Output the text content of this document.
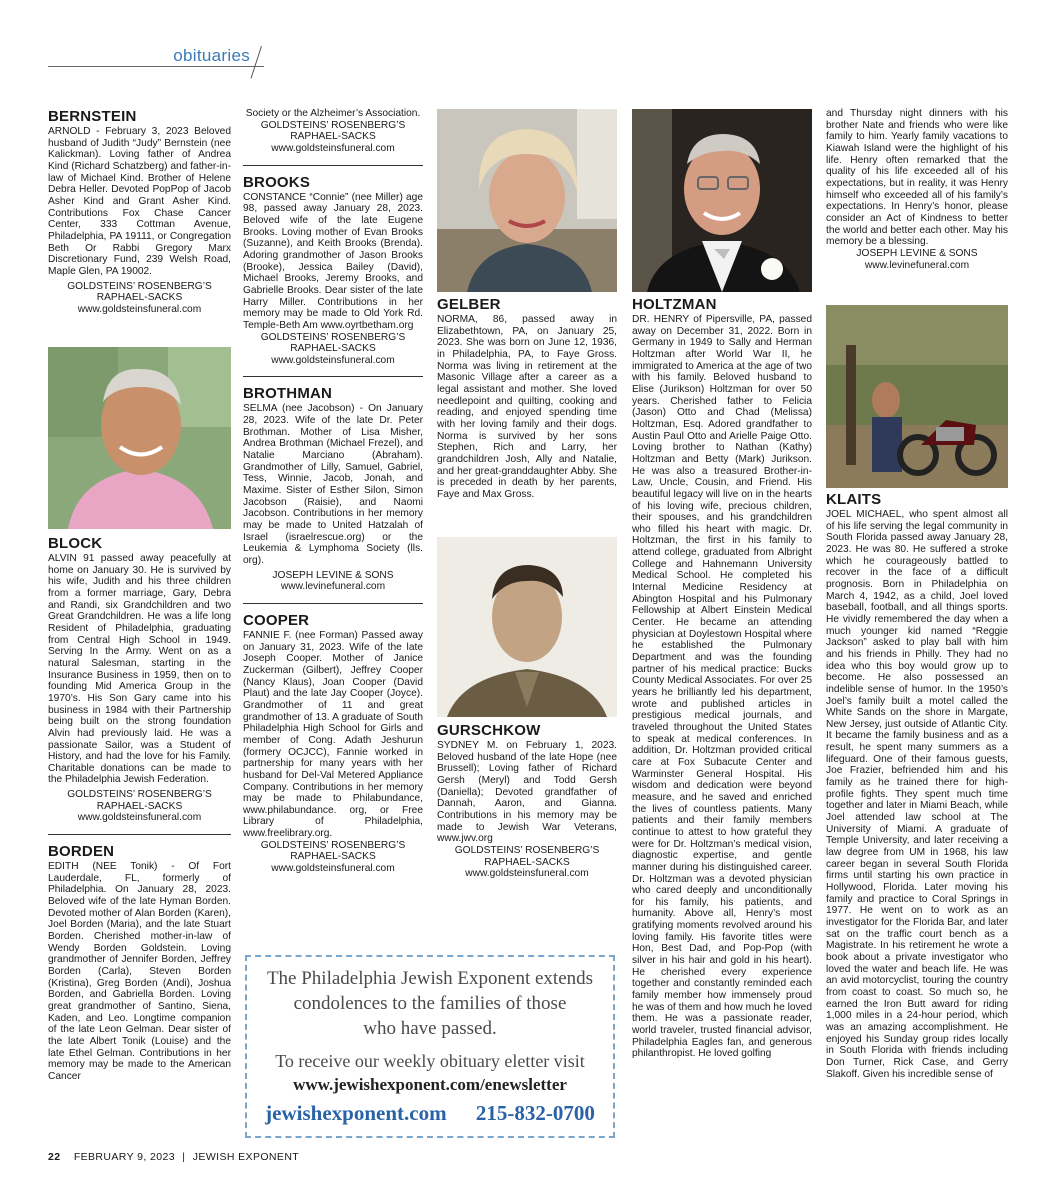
obituaries
BERNSTEIN

ARNOLD - February 3, 2023 Beloved husband of Judith “Judy” Bernstein (nee Kalickman). Loving father of Andrea Kind (Richard Schatzberg) and father-in-law of Michael Kind. Brother of Helene Debra Heller. Devoted PopPop of Jacob Asher Kind and Grant Asher Kind. Contributions Fox Chase Cancer Center, 333 Cottman Avenue, Philadelphia, PA 19111, or Congregation Beth Or Rabbi Gregory Marx Discretionary Fund, 239 Welsh Road, Maple Glen, PA 19002.

GOLDSTEINS’ ROSENBERG’S
RAPHAEL-SACKS
www.goldsteinsfuneral.com
BLOCK

ALVIN 91 passed away peacefully at home on January 30. He is survived by his wife, Judith and his three children from a former marriage, Gary, Debra and Randi, six Grandchildren and two Great Grandchildren. He was a life long Resident of Philadelphia, graduating from Central High School in 1949. Serving In the Army. Went on as a natural Salesman, starting in the Insurance Business in 1959, then on to founding Mid America Group in the 1970’s. His Son Gary came into his business in 1984 with their Partnership being built on the strong foundation Alvin had previously laid. He was a passionate Sailor, was a Student of History, and had the love for his Family. Charitable donations can be made to the Philadelphia Jewish Federation.

GOLDSTEINS’ ROSENBERG’S
RAPHAEL-SACKS
www.goldsteinsfuneral.com
BORDEN

EDITH (NEE Tonik) - Of Fort Lauderdale, FL, formerly of Philadelphia. On January 28, 2023. Beloved wife of the late Hyman Borden. Devoted mother of Alan Borden (Karen), Joel Borden (Maria), and the late Stuart Borden. Cherished mother-in-law of Wendy Borden Goldstein. Loving grandmother of Jennifer Borden, Jeffrey Borden (Carla), Steven Borden (Kristina), Greg Borden (Andi), Joshua Borden, and Gabriella Borden. Loving great grandmother of Santino, Siena, Kaden, and Leo. Longtime companion of the late Leon Gelman. Dear sister of the late Albert Tonik (Louise) and the late Ethel Gelman. Contributions in her memory may be made to the American Cancer

Society or the Alzheimer’s Association.

GOLDSTEINS’ ROSENBERG’S
RAPHAEL-SACKS
www.goldsteinsfuneral.com
BROOKS

CONSTANCE “Connie” (nee Miller) age 98, passed away January 28, 2023. Beloved wife of the late Eugene Brooks. Loving mother of Evan Brooks (Suzanne), and Keith Brooks (Brenda). Adoring grandmother of Jason Brooks (Brooke), Jessica Bailey (David), Michael Brooks, Jeremy Brooks, and Gabrielle Brooks. Dear sister of the late Harry Miller. Contributions in her memory may be made to Old York Rd. Temple-Beth Am www.oyrtbetham.org

GOLDSTEINS’ ROSENBERG’S
RAPHAEL-SACKS
www.goldsteinsfuneral.com
BROTHMAN

SELMA (nee Jacobson) - On January 28, 2023. Wife of the late Dr. Peter Brothman. Mother of Lisa Misher, Andrea Brothman (Michael Frezel), and Natalie Marciano (Abraham). Grandmother of Lilly, Samuel, Gabriel, Tess, Winnie, Jacob, Jonah, and Maxime. Sister of Esther Silon, Simon Jacobson (Raisie), and Naomi Jacobson. Contributions in her memory may be made to United Hatzalah of Israel (israelrescue.org) or the Leukemia & Lymphoma Society (lls. org).

JOSEPH LEVINE & SONS
www.levinefuneral.com
COOPER

FANNIE F. (nee Forman) Passed away on January 31, 2023. Wife of the late Joseph Cooper. Mother of Janice Zuckerman (Gilbert), Jeffrey Cooper (Nancy Klaus), Joan Cooper (David Plaut) and the late Jay Cooper (Joyce). Grandmother of 11 and great grandmother of 13. A graduate of South Philadelphia High School for Girls and member of Cong. Adath Jeshurun (formery OCJCC), Fannie worked in partnership for many years with her husband for Del-Val Metered Appliance Company. Contributions in her memory may be made to Philabundance, www.philabundance. org, or Free Library of Philadelphia, www.freelibrary.org.

GOLDSTEINS’ ROSENBERG’S
RAPHAEL-SACKS
www.goldsteinsfuneral.com
GELBER

NORMA, 86, passed away in Elizabethtown, PA, on January 25, 2023. She was born on June 12, 1936, in Philadelphia, PA, to Faye Gross. Norma was living in retirement at the Masonic Village after a career as a legal assistant and mother. She loved needlepoint and quilting, cooking and reading, and enjoyed spending time with her loving family and their dogs. Norma is survived by her sons Stephen, Rich and Larry, her grandchildren Josh, Ally and Natalie, and her great-granddaughter Abby. She is preceded in death by her parents, Faye and Max Gross.

GURSCHKOW

SYDNEY M. on February 1, 2023. Beloved husband of the late Hope (nee Brussell); Loving father of Richard Gersh (Meryl) and Todd Gersh (Daniella); Devoted grandfather of Dannah, Aaron, and Gianna. Contributions in his memory may be made to Jewish War Veterans, www.jwv.org

GOLDSTEINS’ ROSENBERG’S
RAPHAEL-SACKS
www.goldsteinsfuneral.com
HOLTZMAN

DR. HENRY of Pipersville, PA, passed away on December 31, 2022. Born in Germany in 1949 to Sally and Herman Holtzman after World War II, he immigrated to America at the age of two with his family. Beloved husband to Elise (Jurikson) Holtzman for over 50 years. Cherished father to Felicia (Jason) Otto and Chad (Melissa) Holtzman, Esq. Adored grandfather to Austin Paul Otto and Arielle Paige Otto. Loving brother to Nathan (Kathy) Holtzman and Betty (Mark) Jurikson. He was also a treasured Brother-in-Law, Uncle, Cousin, and Friend. His beautiful legacy will live on in the hearts of his loving wife, precious children, their spouses, and his grandchildren who filled his heart with magic. Dr. Holtzman, the first in his family to attend college, graduated from Albright College and Hahnemann University Medical School. He completed his Internal Medicine Residency at Abington Hospital and his Pulmonary Fellowship at Albert Einstein Medical Center. He became an attending physician at Doylestown Hospital where he established the Pulmonary Department and was the founding partner of his medical practice: Bucks County Medical Associates. For over 25 years he brilliantly led his department, wrote and published articles in prestigious medical journals, and traveled throughout the United States to speak at medical conferences. In addition, Dr. Holtzman provided critical care at Fox Subacute Center and Warminster General Hospital. His wisdom and dedication were beyond measure, and he saved and enriched the lives of countless patients. Many patients and their family members continue to attest to how grateful they were for Dr. Holtzman’s medical vision, diagnostic expertise, and gentle manner during his distinguished career. Dr. Holtzman was a devoted physician who cared deeply and unconditionally for his family, his patients, and humanity. Above all, Henry’s most gratifying moments revolved around his loving family. His favorite titles were Hon, Best Dad, and Pop-Pop (with silver in his hair and gold in his heart). He cherished every experience together and constantly reminded each family member how immensely proud he was of them and how much he loved them. He was a passionate reader, world traveler, trusted financial advisor, Philadelphia Eagles fan, and generous philanthropist. He loved golfing

and Thursday night dinners with his brother Nate and friends who were like family to him. Yearly family vacations to Kiawah Island were the highlight of his life. Henry often remarked that the quality of his life exceeded all of his expectations, but in reality, it was Henry himself who exceeded all of his family’s expectations. In Henry’s honor, please consider an Act of Kindness to better the world and better each other. May his memory be a blessing.

JOSEPH LEVINE & SONS
www.levinefuneral.com
KLAITS

JOEL MICHAEL, who spent almost all of his life serving the legal community in South Florida passed away January 28, 2023. He was 80. He suffered a stroke which he courageously battled to recover in the face of a difficult prognosis. Born in Philadelphia on March 4, 1942, as a child, Joel loved baseball, football, and all things sports. He vividly remembered the day when a much younger kid named “Reggie Jackson” asked to play ball with him and his friends in Philly. They had no idea who this boy would grow up to become. He also possessed an indelible sense of humor. In the 1950’s Joel’s family built a motel called the White Sands on the shore in Margate, New Jersey, just outside of Atlantic City. It became the family business and as a result, he spent many summers as a lifeguard. One of their famous guests, Joe Frazier, befriended him and his family as he trained there for high-profile fights. They spent much time together and later in Miami Beach, while Joel attended law school at The University of Miami. A graduate of Temple University, and later receiving a law degree from UM in 1968, his law career began in several South Florida firms until starting his own practice in Hollywood, Florida. Later moving his family and practice to Coral Springs in 1977. He went on to work as an investigator for the Florida Bar, and later sat on the traffic court bench as a Magistrate. In his retirement he wrote a book about a private investigator who loved the water and beach life. He was an avid motorcyclist, touring the country from coast to coast. So much so, he earned the Iron Butt award for riding 1,000 miles in a 24-hour period, which was an amazing accomplishment. He enjoyed his Sunday group rides locally in South Florida with friends including Don Turner, Rick Case, and Gerry Slakoff. Given his incredible sense of

The Philadelphia Jewish Exponent extends
condolences to the families of those
who have passed.
To receive our weekly obituary eletter visit
www.jewishexponent.com/enewsletter
jewishexponent.com 215-832-0700
22 FEBRUARY 9, 2023 | JEWISH EXPONENT
